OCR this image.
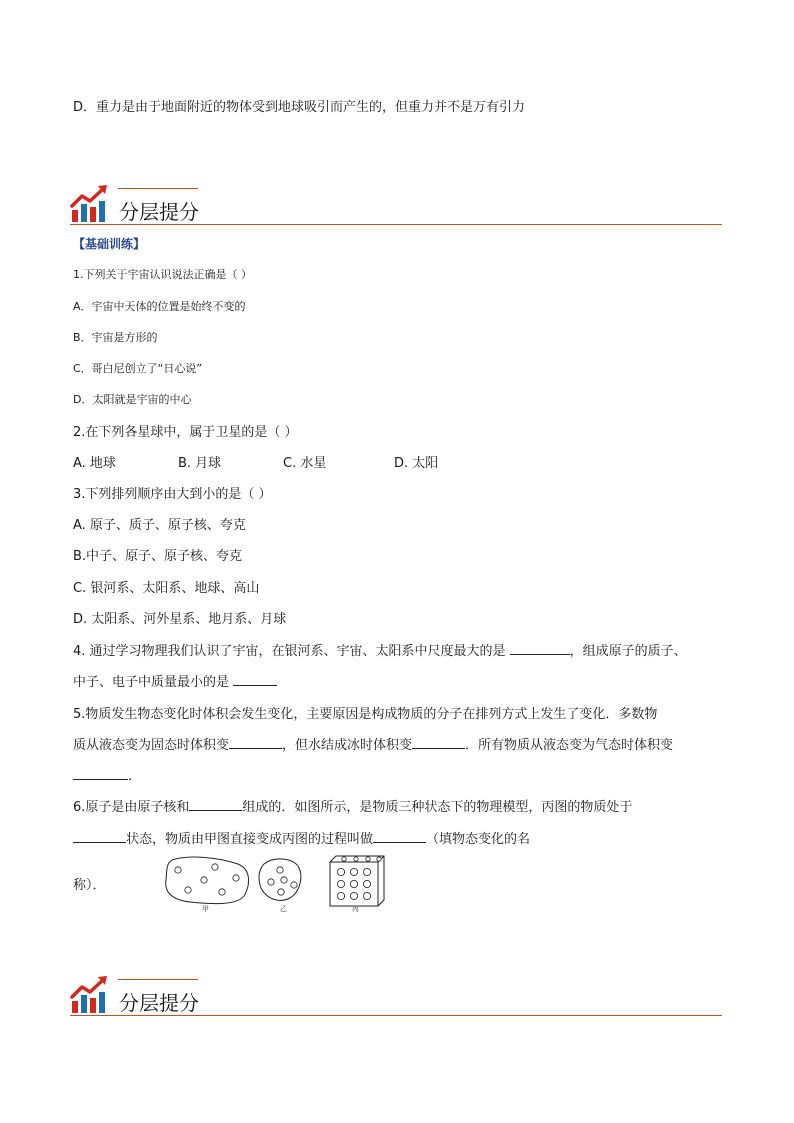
D．重力是由于地面附近的物体受到地球吸引而产生的，但重力并不是万有引力
分层提分
【基础训练】
1.下列关于宇宙认识说法正确是（ ）
A．宇宙中天体的位置是始终不变的
B．宇宙是方形的
C．哥白尼创立了“日心说”
D．太阳就是宇宙的中心
2.在下列各星球中，属于卫星的是（ ）
A. 地球	B. 月球	C. 水星	D. 太阳
3.下列排列顺序由大到小的是（ ）
A. 原子、质子、原子核、夸克
B.中子、原子、原子核、夸克
C. 银河系、太阳系、地球、高山
D. 太阳系、河外星系、地月系、月球
4. 通过学习物理我们认识了宇宙，在银河系、宇宙、太阳系中尺度最大的是	，组成原子的质子、
中子、电子中质量最小的是
5.物质发生物态变化时体积会发生变化，主要原因是构成物质的分子在排列方式上发生了变化．多数物
质从液态变为固态时体积变	，但水结成冰时体积变	．所有物质从液态变为气态时体积变
．
6.原子是由原子核和	组成的．如图所示，是物质三种状态下的物理模型，丙图的物质处于
状态，物质由甲图直接变成丙图的过程叫做	（填物态变化的名
称）．
甲	乙	丙
分层提分
